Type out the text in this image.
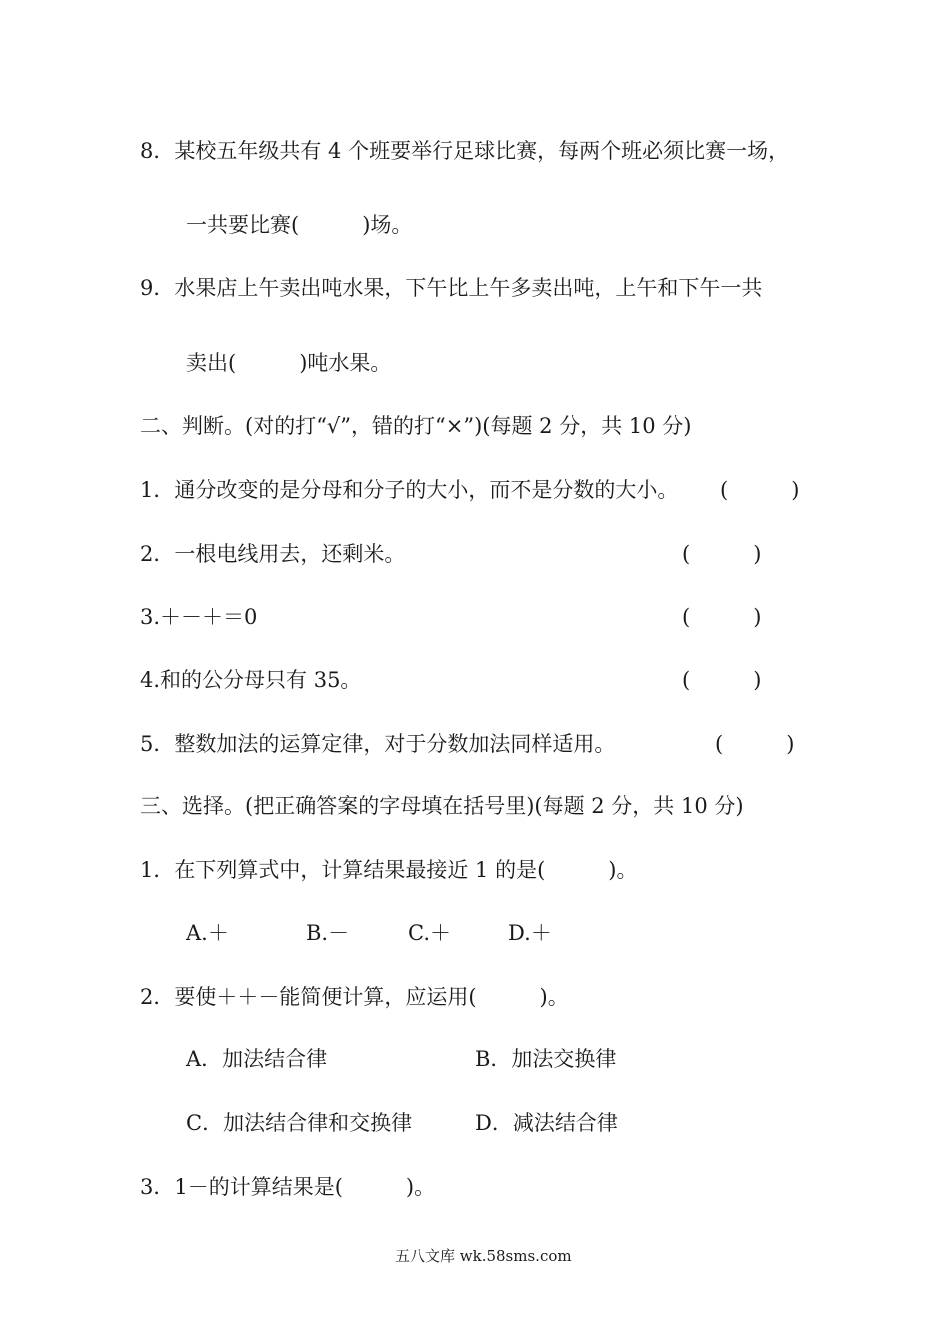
8．某校五年级共有 4 个班要举行足球比赛，每两个班必须比赛一场，
一共要比赛(　　　)场。
9．水果店上午卖出吨水果，下午比上午多卖出吨，上午和下午一共
卖出(　　　)吨水果。
二、判断。(对的打“√”，错的打“×”)(每题 2 分，共 10 分)
1．通分改变的是分母和分子的大小，而不是分数的大小。 (　　　)
2．一根电线用去，还剩米。	(　　　)
3.＋－＋＝0	(　　　)
4.和的公分母只有 35。	(　　　)
5．整数加法的运算定律，对于分数加法同样适用。	(　　　)
三、选择。(把正确答案的字母填在括号里)(每题 2 分，共 10 分)
1．在下列算式中，计算结果最接近 1 的是(　　　)。
A.＋	B.－	C.＋	D.＋
2．要使＋＋－能简便计算，应运用(　　　)。
A．加法结合律	B．加法交换律
C．加法结合律和交换律	D．减法结合律
3．1－的计算结果是(　　　)。
五八文库 wk.58sms.com
